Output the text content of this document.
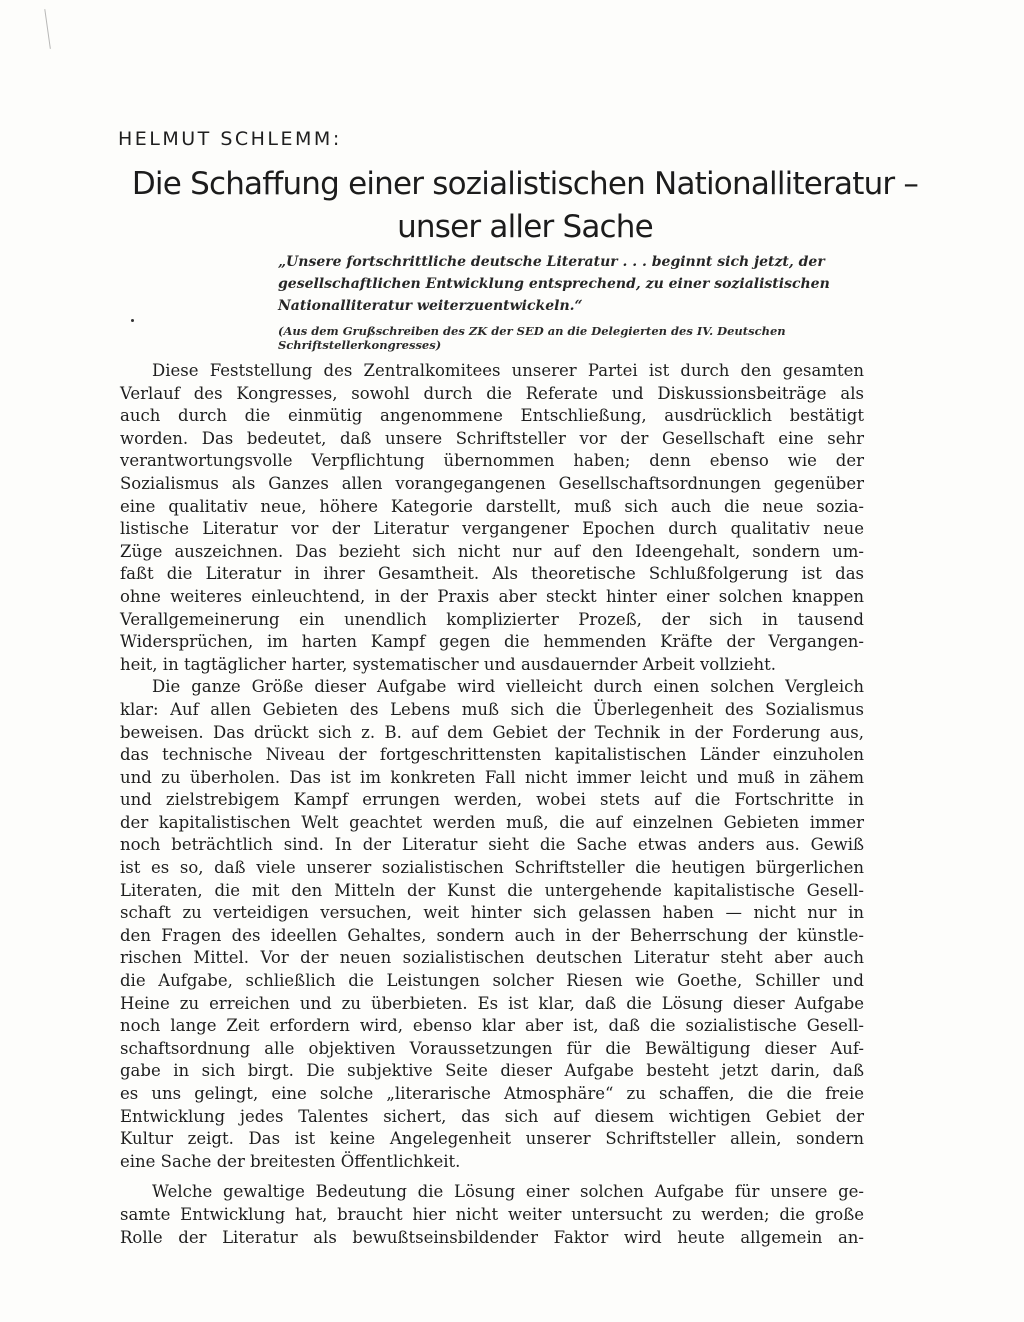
HELMUT SCHLEMM:
Die Schaffung einer sozialistischen Nationalliteratur –
unser aller Sache
„Unsere fortschrittliche deutsche Literatur . . . beginnt sich jetzt, der
gesellschaftlichen Entwicklung entsprechend, zu einer sozialistischen
Nationalliteratur weiterzuentwickeln.“
(Aus dem Grußschreiben des ZK der SED an die Delegierten des IV. Deutschen
Schriftstellerkongresses)
Diese Feststellung des Zentralkomitees unserer Partei ist durch den gesamten
Verlauf des Kongresses, sowohl durch die Referate und Diskussionsbeiträge als
auch durch die einmütig angenommene Entschließung, ausdrücklich bestätigt
worden. Das bedeutet, daß unsere Schriftsteller vor der Gesellschaft eine sehr
verantwortungsvolle Verpflichtung übernommen haben; denn ebenso wie der
Sozialismus als Ganzes allen vorangegangenen Gesellschaftsordnungen gegenüber
eine qualitativ neue, höhere Kategorie darstellt, muß sich auch die neue sozia-
listische Literatur vor der Literatur vergangener Epochen durch qualitativ neue
Züge auszeichnen. Das bezieht sich nicht nur auf den Ideengehalt, sondern um-
faßt die Literatur in ihrer Gesamtheit. Als theoretische Schlußfolgerung ist das
ohne weiteres einleuchtend, in der Praxis aber steckt hinter einer solchen knappen
Verallgemeinerung ein unendlich komplizierter Prozeß, der sich in tausend
Widersprüchen, im harten Kampf gegen die hemmenden Kräfte der Vergangen-
heit, in tagtäglicher harter, systematischer und ausdauernder Arbeit vollzieht.
Die ganze Größe dieser Aufgabe wird vielleicht durch einen solchen Vergleich
klar: Auf allen Gebieten des Lebens muß sich die Überlegenheit des Sozialismus
beweisen. Das drückt sich z. B. auf dem Gebiet der Technik in der Forderung aus,
das technische Niveau der fortgeschrittensten kapitalistischen Länder einzuholen
und zu überholen. Das ist im konkreten Fall nicht immer leicht und muß in zähem
und zielstrebigem Kampf errungen werden, wobei stets auf die Fortschritte in
der kapitalistischen Welt geachtet werden muß, die auf einzelnen Gebieten immer
noch beträchtlich sind. In der Literatur sieht die Sache etwas anders aus. Gewiß
ist es so, daß viele unserer sozialistischen Schriftsteller die heutigen bürgerlichen
Literaten, die mit den Mitteln der Kunst die untergehende kapitalistische Gesell-
schaft zu verteidigen versuchen, weit hinter sich gelassen haben — nicht nur in
den Fragen des ideellen Gehaltes, sondern auch in der Beherrschung der künstle-
rischen Mittel. Vor der neuen sozialistischen deutschen Literatur steht aber auch
die Aufgabe, schließlich die Leistungen solcher Riesen wie Goethe, Schiller und
Heine zu erreichen und zu überbieten. Es ist klar, daß die Lösung dieser Aufgabe
noch lange Zeit erfordern wird, ebenso klar aber ist, daß die sozialistische Gesell-
schaftsordnung alle objektiven Voraussetzungen für die Bewältigung dieser Auf-
gabe in sich birgt. Die subjektive Seite dieser Aufgabe besteht jetzt darin, daß
es uns gelingt, eine solche „literarische Atmosphäre“ zu schaffen, die die freie
Entwicklung jedes Talentes sichert, das sich auf diesem wichtigen Gebiet der
Kultur zeigt. Das ist keine Angelegenheit unserer Schriftsteller allein, sondern
eine Sache der breitesten Öffentlichkeit.
Welche gewaltige Bedeutung die Lösung einer solchen Aufgabe für unsere ge-
samte Entwicklung hat, braucht hier nicht weiter untersucht zu werden; die große
Rolle der Literatur als bewußtseinsbildender Faktor wird heute allgemein an-
